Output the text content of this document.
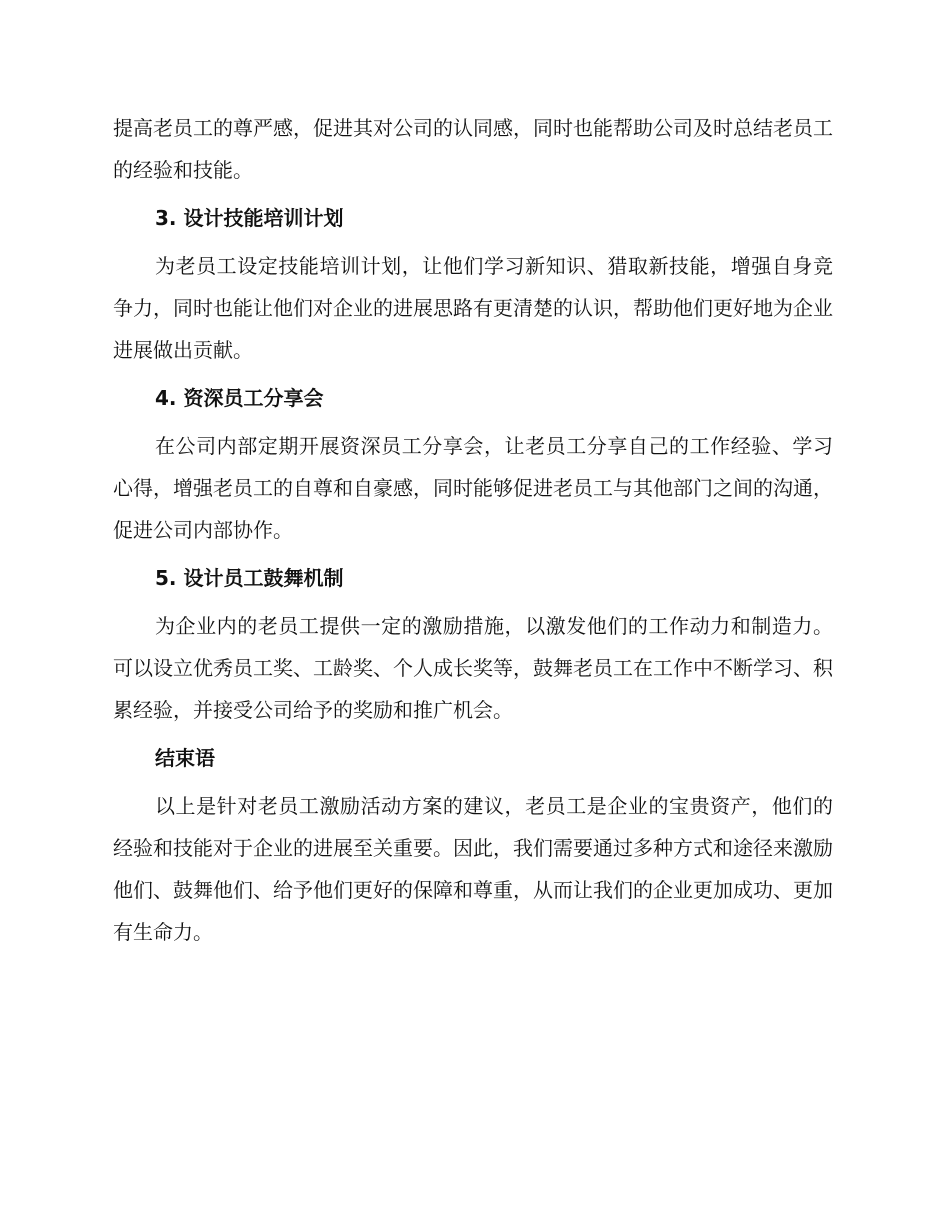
提高老员工的尊严感，促进其对公司的认同感，同时也能帮助公司及时总结老员工的经验和技能。

3. 设计技能培训计划

为老员工设定技能培训计划，让他们学习新知识、猎取新技能，增强自身竞争力，同时也能让他们对企业的进展思路有更清楚的认识，帮助他们更好地为企业进展做出贡献。

4. 资深员工分享会

在公司内部定期开展资深员工分享会，让老员工分享自己的工作经验、学习心得，增强老员工的自尊和自豪感，同时能够促进老员工与其他部门之间的沟通，促进公司内部协作。

5. 设计员工鼓舞机制

为企业内的老员工提供一定的激励措施，以激发他们的工作动力和制造力。可以设立优秀员工奖、工龄奖、个人成长奖等，鼓舞老员工在工作中不断学习、积累经验，并接受公司给予的奖励和推广机会。

结束语

以上是针对老员工激励活动方案的建议，老员工是企业的宝贵资产，他们的经验和技能对于企业的进展至关重要。因此，我们需要通过多种方式和途径来激励他们、鼓舞他们、给予他们更好的保障和尊重，从而让我们的企业更加成功、更加有生命力。
